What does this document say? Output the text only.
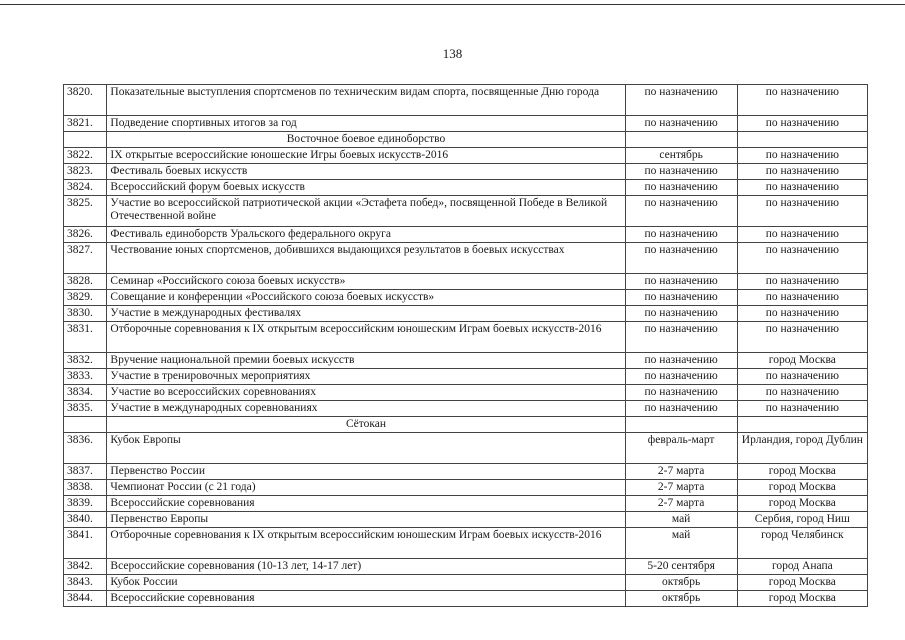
138
3820.	Показательные выступления спортсменов по техническим видам спорта, посвященные Дню города	по назначению	по назначению
3821.	Подведение спортивных итогов за год	по назначению	по назначению
	Восточное боевое единоборство		
3822.	IX открытые всероссийские юношеские Игры боевых искусств-2016	сентябрь	по назначению
3823.	Фестиваль боевых искусств	по назначению	по назначению
3824.	Всероссийский форум боевых искусств	по назначению	по назначению
3825.	Участие во всероссийской патриотической акции «Эстафета побед», посвященной Победе в Великой Отечественной войне	по назначению	по назначению
3826.	Фестиваль единоборств Уральского федерального округа	по назначению	по назначению
3827.	Чествование юных спортсменов, добившихся выдающихся результатов в боевых искусствах	по назначению	по назначению
3828.	Семинар «Российского союза боевых искусств»	по назначению	по назначению
3829.	Совещание и конференции «Российского союза боевых искусств»	по назначению	по назначению
3830.	Участие в международных фестивалях	по назначению	по назначению
3831.	Отборочные соревнования к IX открытым всероссийским юношеским Играм боевых искусств-2016	по назначению	по назначению
3832.	Вручение национальной премии боевых искусств	по назначению	город Москва
3833.	Участие в тренировочных мероприятиях	по назначению	по назначению
3834.	Участие во всероссийских соревнованиях	по назначению	по назначению
3835.	Участие в международных соревнованиях	по назначению	по назначению
	Сётокан		
3836.	Кубок Европы	февраль-март	Ирландия, город Дублин
3837.	Первенство России	2-7 марта	город Москва
3838.	Чемпионат России (с 21 года)	2-7 марта	город Москва
3839.	Всероссийские соревнования	2-7 марта	город Москва
3840.	Первенство Европы	май	Сербия, город Ниш
3841.	Отборочные соревнования к IX открытым всероссийским юношеским Играм боевых искусств-2016	май	город Челябинск
3842.	Всероссийские соревнования (10-13 лет, 14-17 лет)	5-20 сентября	город Анапа
3843.	Кубок России	октябрь	город Москва
3844.	Всероссийские соревнования	октябрь	город Москва
